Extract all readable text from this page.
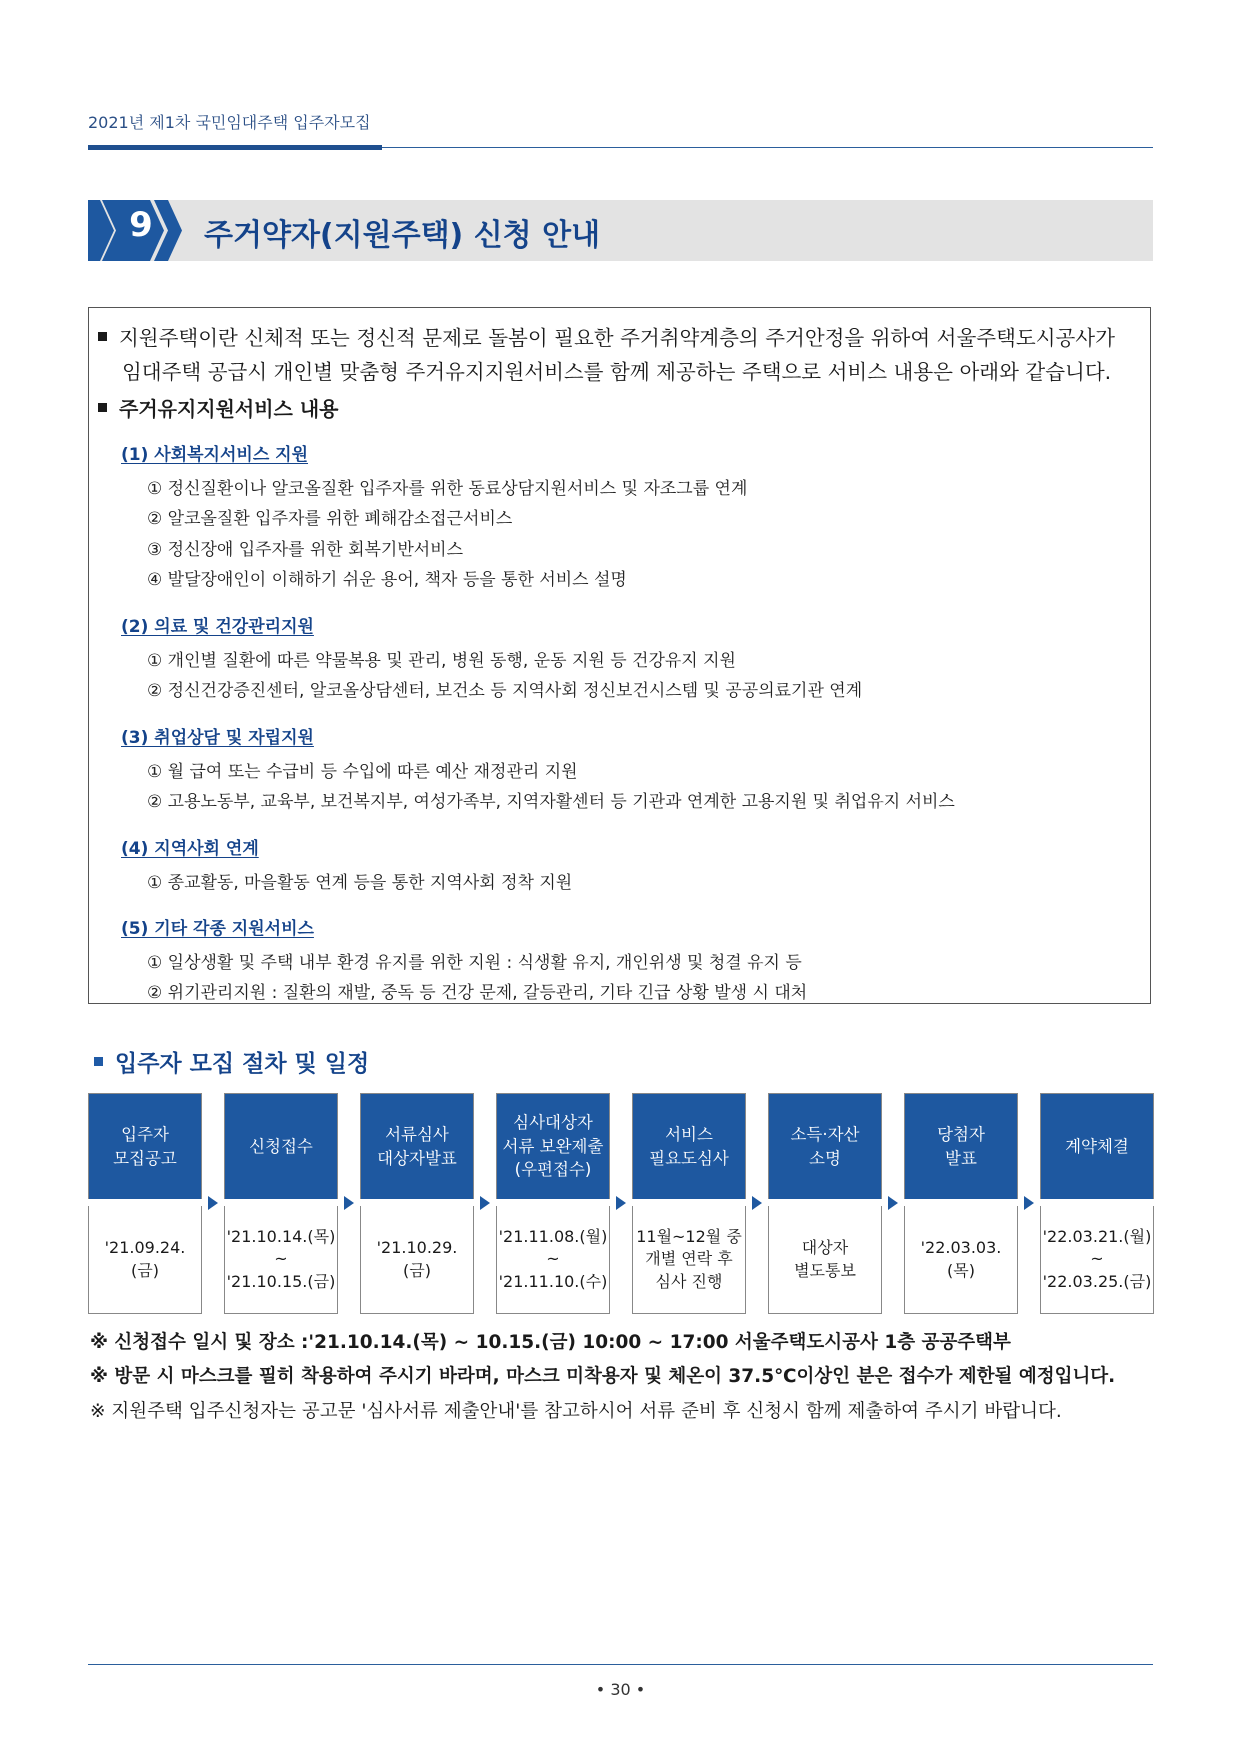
2021년 제1차 국민임대주택 입주자모집
9	주거약자(지원주택) 신청 안내
지원주택이란 신체적 또는 정신적 문제로 돌봄이 필요한 주거취약계층의 주거안정을 위하여 서울주택도시공사가
임대주택 공급시 개인별 맞춤형 주거유지지원서비스를 함께 제공하는 주택으로 서비스 내용은 아래와 같습니다.
주거유지지원서비스 내용
(1) 사회복지서비스 지원
① 정신질환이나 알코올질환 입주자를 위한 동료상담지원서비스 및 자조그룹 연계
② 알코올질환 입주자를 위한 폐해감소접근서비스
③ 정신장애 입주자를 위한 회복기반서비스
④ 발달장애인이 이해하기 쉬운 용어, 책자 등을 통한 서비스 설명
(2) 의료 및 건강관리지원
① 개인별 질환에 따른 약물복용 및 관리, 병원 동행, 운동 지원 등 건강유지 지원
② 정신건강증진센터, 알코올상담센터, 보건소 등 지역사회 정신보건시스템 및 공공의료기관 연계
(3) 취업상담 및 자립지원
① 월 급여 또는 수급비 등 수입에 따른 예산 재정관리 지원
② 고용노동부, 교육부, 보건복지부, 여성가족부, 지역자활센터 등 기관과 연계한 고용지원 및 취업유지 서비스
(4) 지역사회 연계
① 종교활동, 마을활동 연계 등을 통한 지역사회 정착 지원
(5) 기타 각종 지원서비스
① 일상생활 및 주택 내부 환경 유지를 위한 지원 : 식생활 유지, 개인위생 및 청결 유지 등
② 위기관리지원 : 질환의 재발, 중독 등 건강 문제, 갈등관리, 기타 긴급 상황 발생 시 대처
입주자 모집 절차 및 일정
입주자
모집공고
'21.09.24.
(금)
신청접수
'21.10.14.(목)
~
'21.10.15.(금)
서류심사
대상자발표
'21.10.29.
(금)
심사대상자
서류 보완제출
(우편접수)
'21.11.08.(월)
~
'21.11.10.(수)
서비스
필요도심사
11월~12월 중
개별 연락 후
심사 진행
소득·자산
소명
대상자
별도통보
당첨자
발표
'22.03.03.
(목)
계약체결
'22.03.21.(월)
~
'22.03.25.(금)
※ 신청접수 일시 및 장소 :'21.10.14.(목) ~ 10.15.(금) 10:00 ~ 17:00 서울주택도시공사 1층 공공주택부
※ 방문 시 마스크를 필히 착용하여 주시기 바라며, 마스크 미착용자 및 체온이 37.5℃이상인 분은 접수가 제한될 예정입니다.
※ 지원주택 입주신청자는 공고문 '심사서류 제출안내'를 참고하시어 서류 준비 후 신청시 함께 제출하여 주시기 바랍니다.
• 30 •
